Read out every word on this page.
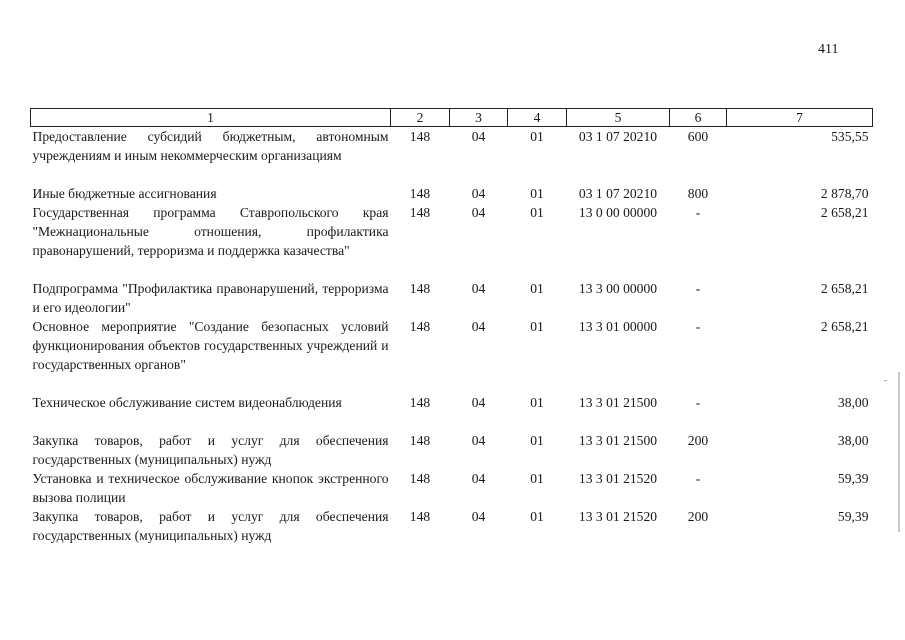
411
1	2	3	4	5	6	7
Предоставление субсидий бюджетным, автономным учреждениям и иным некоммерческим организациям	148	04	01	03 1 07 20210	600	535,55
Иные бюджетные ассигнования	148	04	01	03 1 07 20210	800	2 878,70
Государственная программа Ставропольского края "Межнациональные отношения, профилактика правонарушений, терроризма и поддержка казачества"	148	04	01	13 0 00 00000	-	2 658,21
Подпрограмма "Профилактика правонарушений, терроризма и его идеологии"	148	04	01	13 3 00 00000	-	2 658,21
Основное мероприятие "Создание безопасных условий функционирования объектов государственных учреждений и государственных органов"	148	04	01	13 3 01 00000	-	2 658,21
Техническое обслуживание систем видеонаблюдения	148	04	01	13 3 01 21500	-	38,00
Закупка товаров, работ и услуг для обеспечения государственных (муниципальных) нужд	148	04	01	13 3 01 21500	200	38,00
Установка и техническое обслуживание кнопок экстренного вызова полиции	148	04	01	13 3 01 21520	-	59,39
Закупка товаров, работ и услуг для обеспечения государственных (муниципальных) нужд	148	04	01	13 3 01 21520	200	59,39
